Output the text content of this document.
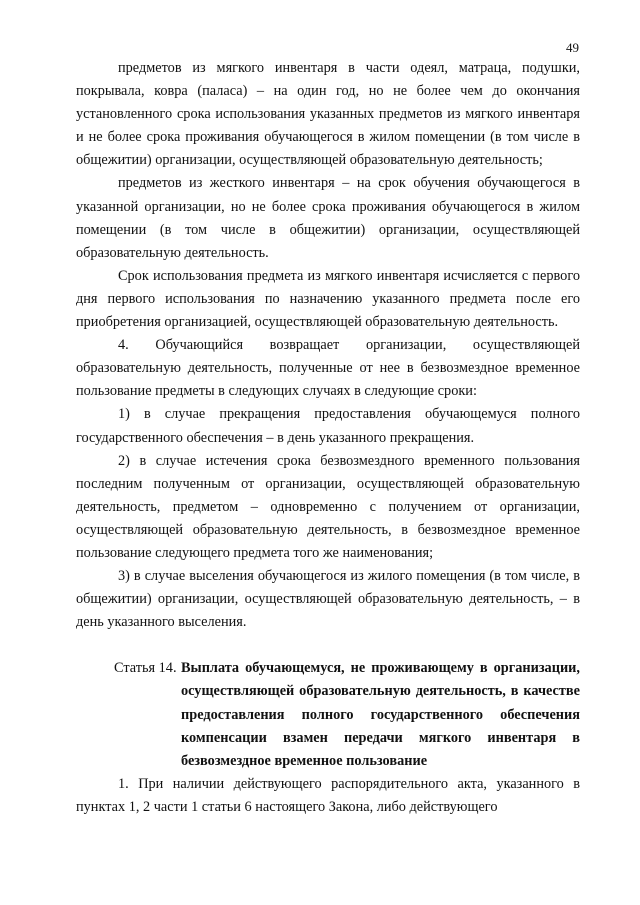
49

предметов из мягкого инвентаря в части одеял, матраца, подушки, покрывала, ковра (паласа) – на один год, но не более чем до окончания установленного срока использования указанных предметов из мягкого инвентаря и не более срока проживания обучающегося в жилом помещении (в том числе в общежитии) организации, осуществляющей образовательную деятельность;

предметов из жесткого инвентаря – на срок обучения обучающегося в указанной организации, но не более срока проживания обучающегося в жилом помещении (в том числе в общежитии) организации, осуществляющей образовательную деятельность.

Срок использования предмета из мягкого инвентаря исчисляется с первого дня первого использования по назначению указанного предмета после его приобретения организацией, осуществляющей образовательную деятельность.

4. Обучающийся возвращает организации, осуществляющей образовательную деятельность, полученные от нее в безвозмездное временное пользование предметы в следующих случаях в следующие сроки:

1) в случае прекращения предоставления обучающемуся полного государственного обеспечения – в день указанного прекращения.

2) в случае истечения срока безвозмездного временного пользования последним полученным от организации, осуществляющей образовательную деятельность, предметом – одновременно с получением от организации, осуществляющей образовательную деятельность, в безвозмездное временное пользование следующего предмета того же наименования;

3) в случае выселения обучающегося из жилого помещения (в том числе, в общежитии) организации, осуществляющей образовательную деятельность, – в день указанного выселения.

Статья 14. Выплата обучающемуся, не проживающему в организации, осуществляющей образовательную деятельность, в качестве предоставления полного государственного обеспечения компенсации взамен передачи мягкого инвентаря в безвозмездное временное пользование

1. При наличии действующего распорядительного акта, указанного в пунктах 1, 2 части 1 статьи 6 настоящего Закона, либо действующего
